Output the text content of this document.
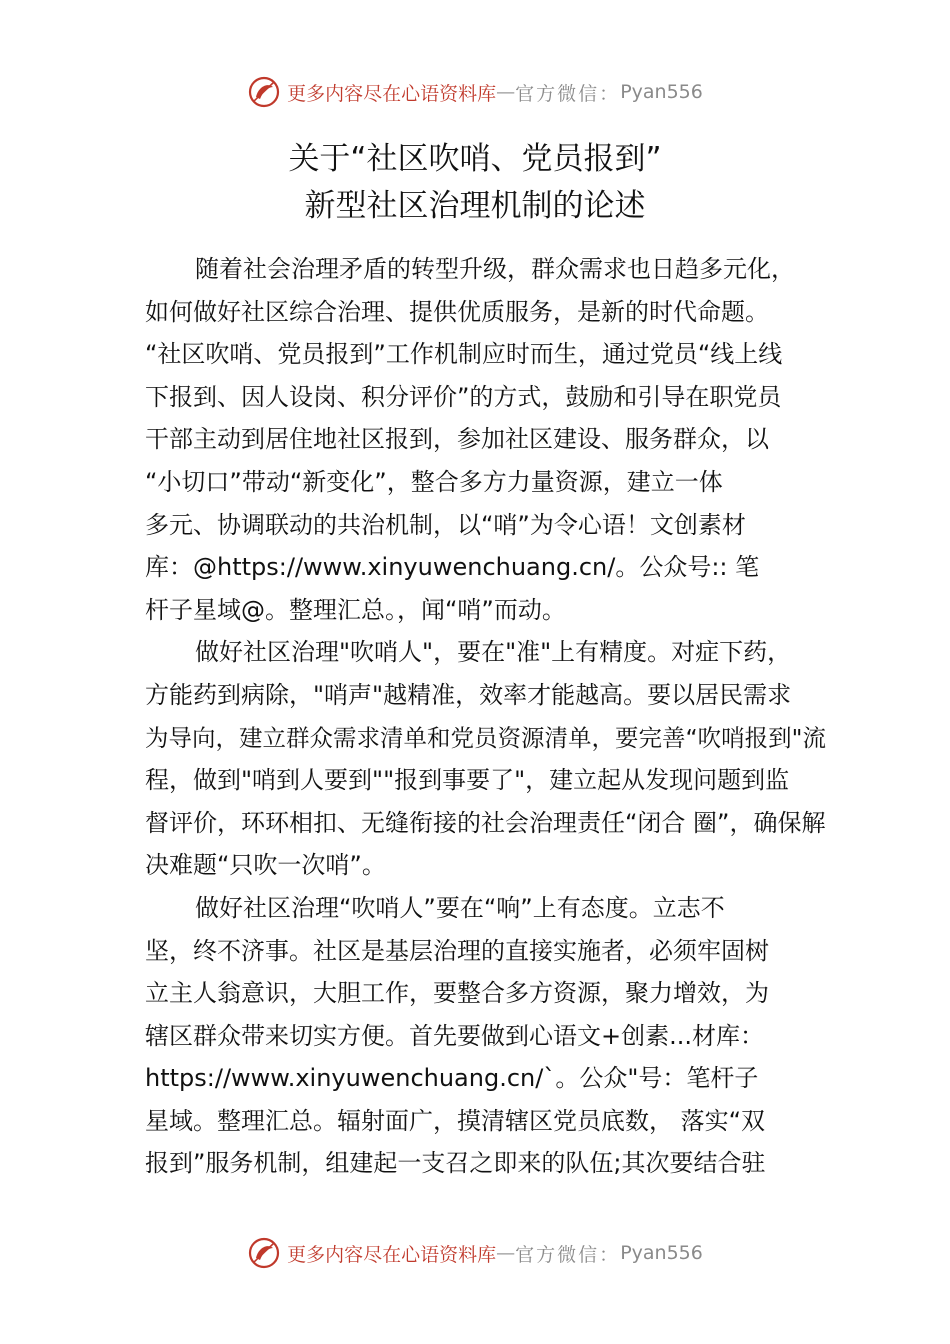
更多内容尽在心语资料库 — 官方微信： Pyan556
关于“社区吹哨、党员报到”
新型社区治理机制的论述
随着社会治理矛盾的转型升级，群众需求也日趋多元化，
如何做好社区综合治理、提供优质服务，是新的时代命题。
“社区吹哨、党员报到”工作机制应时而生，通过党员“线上线
下报到、因人设岗、积分评价”的方式，鼓励和引导在职党员
干部主动到居住地社区报到，参加社区建设、服务群众，以
“小切口”带动“新变化”，整合多方力量资源，建立一体
多元、协调联动的共治机制，以“哨”为令心语！文创素材
库：@https://www.xinyuwenchuang.cn/。公众号:: 笔
杆子星域@。整理汇总。，闻“哨”而动。
做好社区治理"吹哨人"，要在"准"上有精度。对症下药，
方能药到病除，"哨声"越精准，效率才能越高。要以居民需求
为导向，建立群众需求清单和党员资源清单，要完善“吹哨报到"流
程，做到"哨到人要到""报到事要了"，建立起从发现问题到监
督评价，环环相扣、无缝衔接的社会治理责任“闭合 圈”，确保解
决难题“只吹一次哨”。
做好社区治理“吹哨人”要在“响”上有态度。立志不
坚，终不济事。社区是基层治理的直接实施者，必须牢固树
立主人翁意识，大胆工作，要整合多方资源，聚力增效，为
辖区群众带来切实方便。首先要做到心语文+创素...材库：
https://www.xinyuwenchuang.cn/`。公众"号：笔杆子
星域。整理汇总。辐射面广，摸清辖区党员底数， 落实“双
报到”服务机制，组建起一支召之即来的队伍;其次要结合驻
更多内容尽在心语资料库 — 官方微信： Pyan556
